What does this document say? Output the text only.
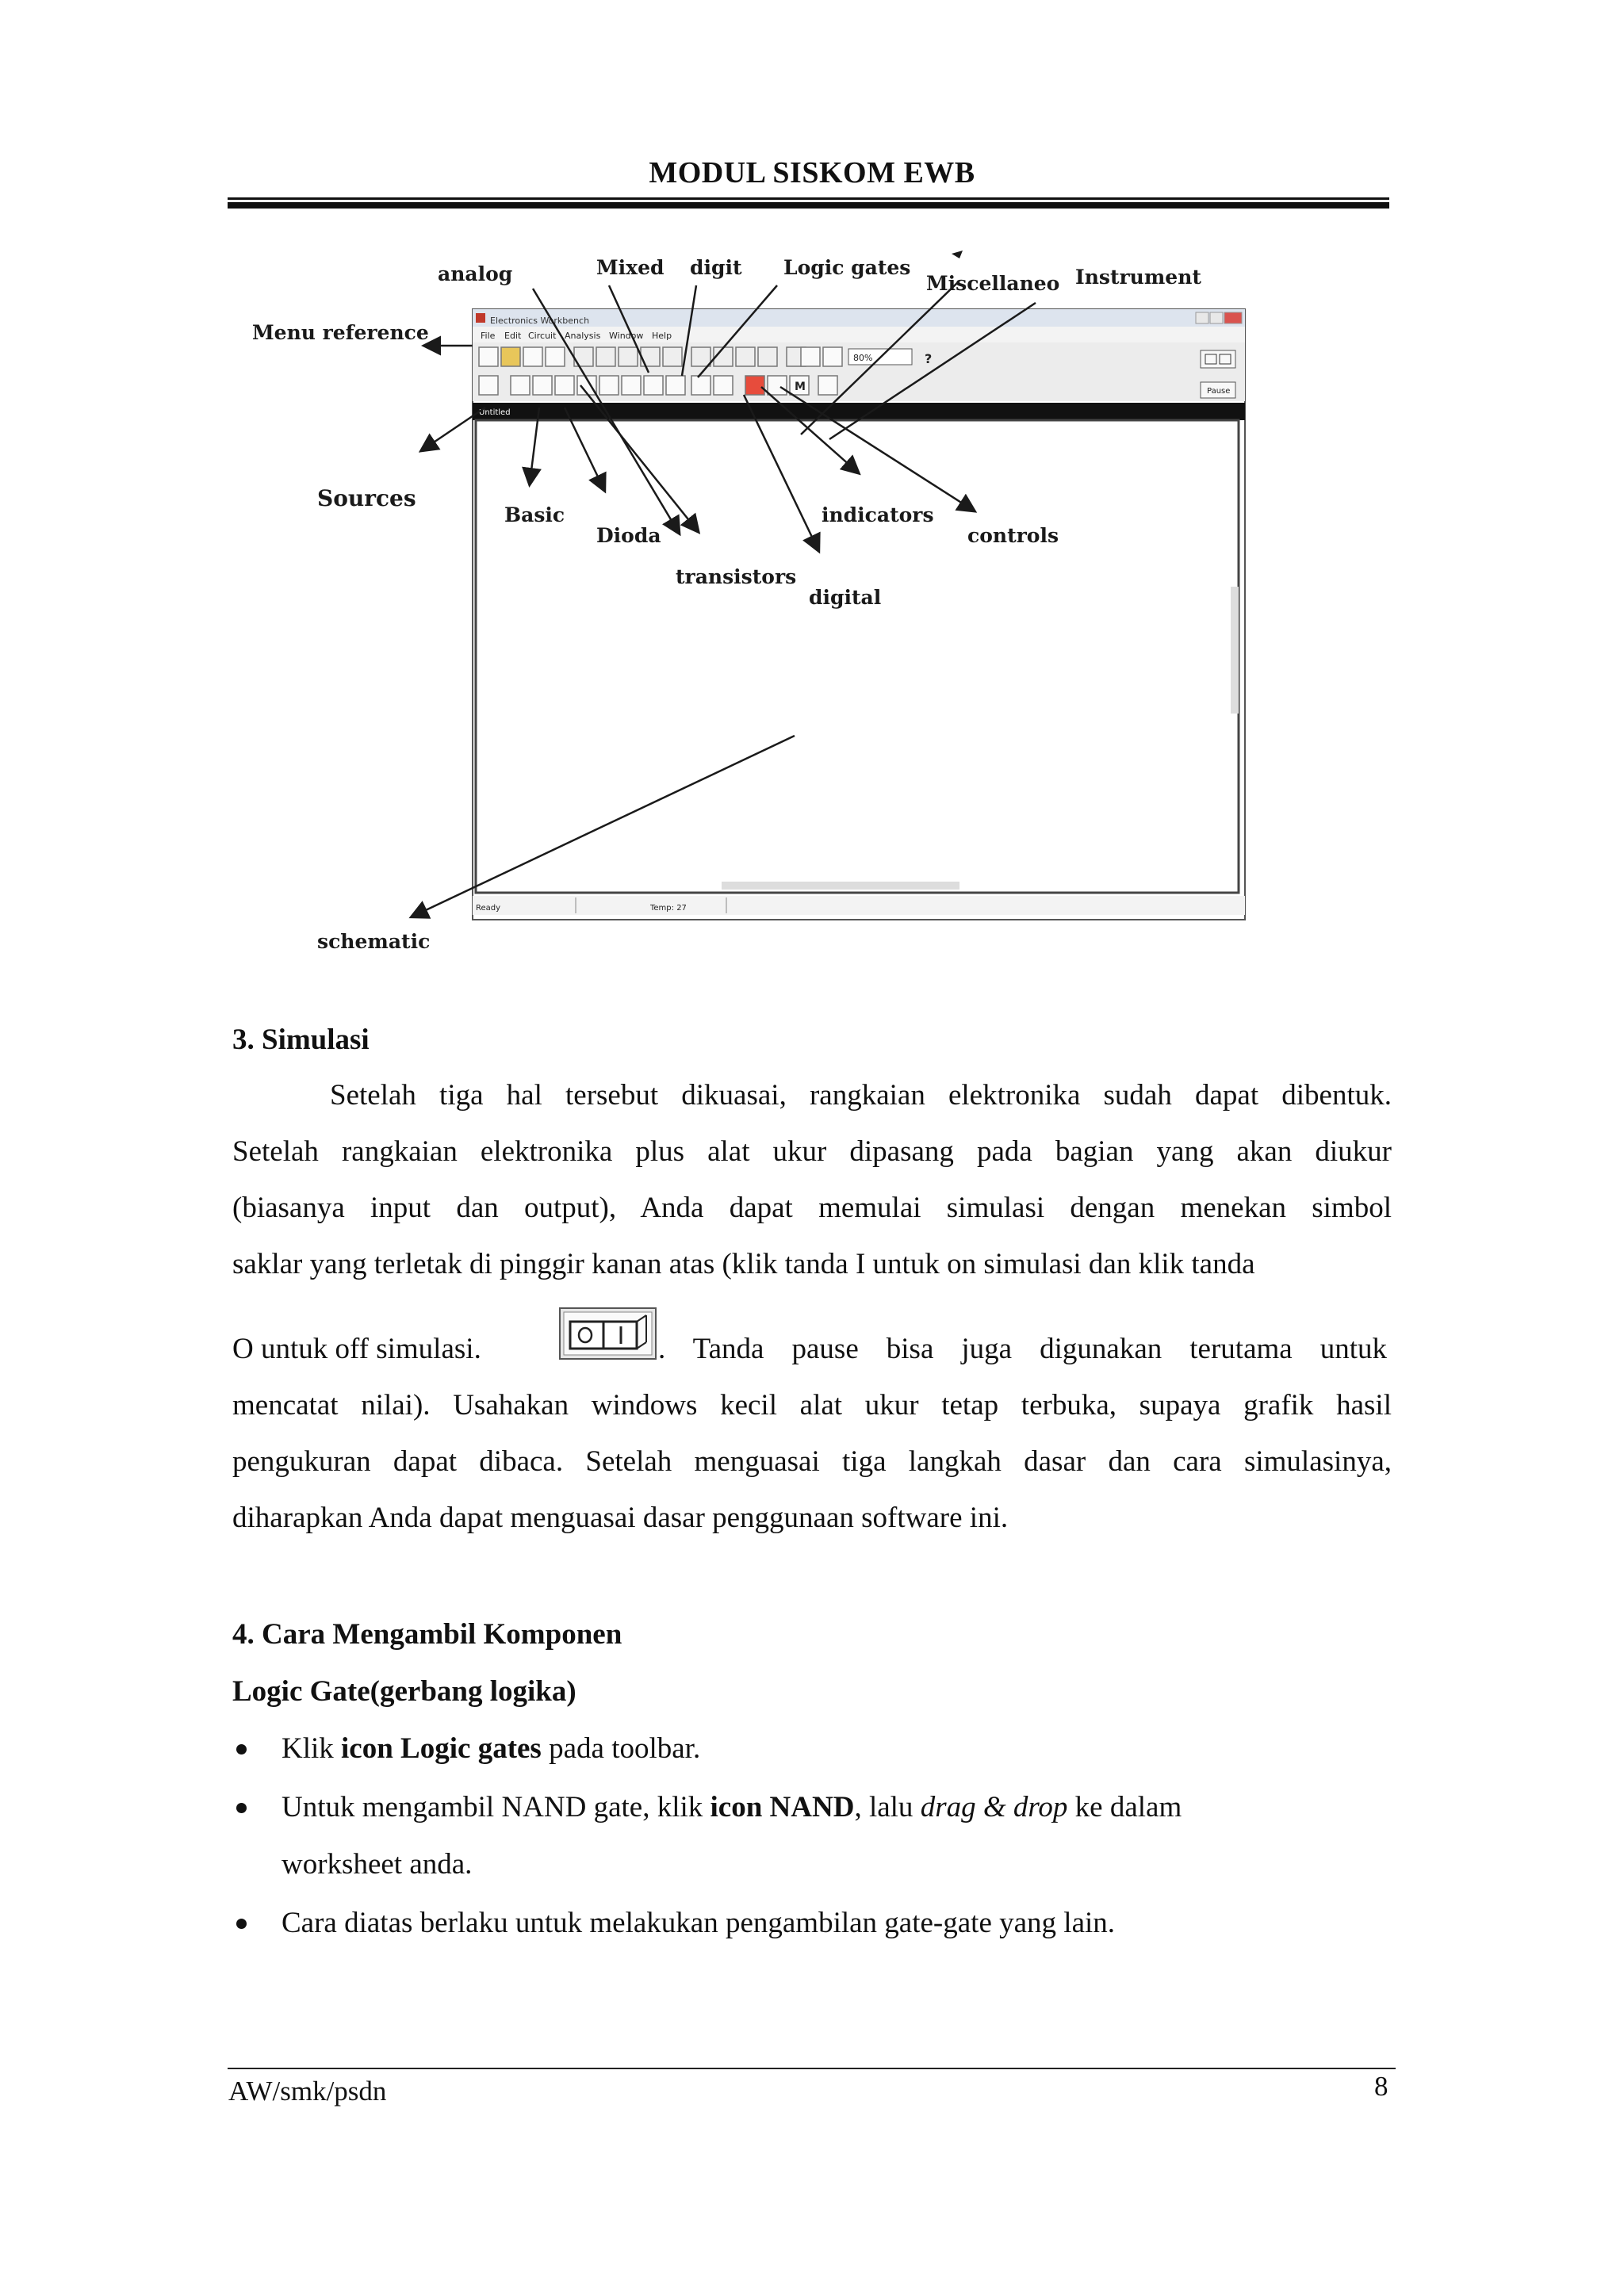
MODUL SISKOM EWB
Electronics Workbench
File Edit Circuit Analysis Window Help
80%	?
M	Pause
Untitled
Ready	Temp: 27
analog	Mixed digit Logic gates
Miscellaneo Instrument
Menu reference
Sources
Basic
Dioda
transistors
indicators
digital
controls
schematic
3. Simulasi
Setelah tiga hal tersebut dikuasai, rangkaian elektronika sudah dapat dibentuk.
Setelah rangkaian elektronika plus alat ukur dipasang pada bagian yang akan diukur
(biasanya input dan output), Anda dapat memulai simulasi dengan menekan simbol
saklar yang terletak di pinggir kanan atas (klik tanda I untuk on simulasi dan klik tanda
O untuk off simulasi.	. Tanda pause bisa juga digunakan terutama untuk
mencatat nilai). Usahakan windows kecil alat ukur tetap terbuka, supaya grafik hasil
pengukuran dapat dibaca. Setelah menguasai tiga langkah dasar dan cara simulasinya,
diharapkan Anda dapat menguasai dasar penggunaan software ini.
4. Cara Mengambil Komponen
Logic Gate(gerbang logika)
Klik icon Logic gates pada toolbar.
Untuk mengambil NAND gate, klik icon NAND, lalu drag & drop ke dalam
worksheet anda.
Cara diatas berlaku untuk melakukan pengambilan gate-gate yang lain.
AW/smk/psdn	8
